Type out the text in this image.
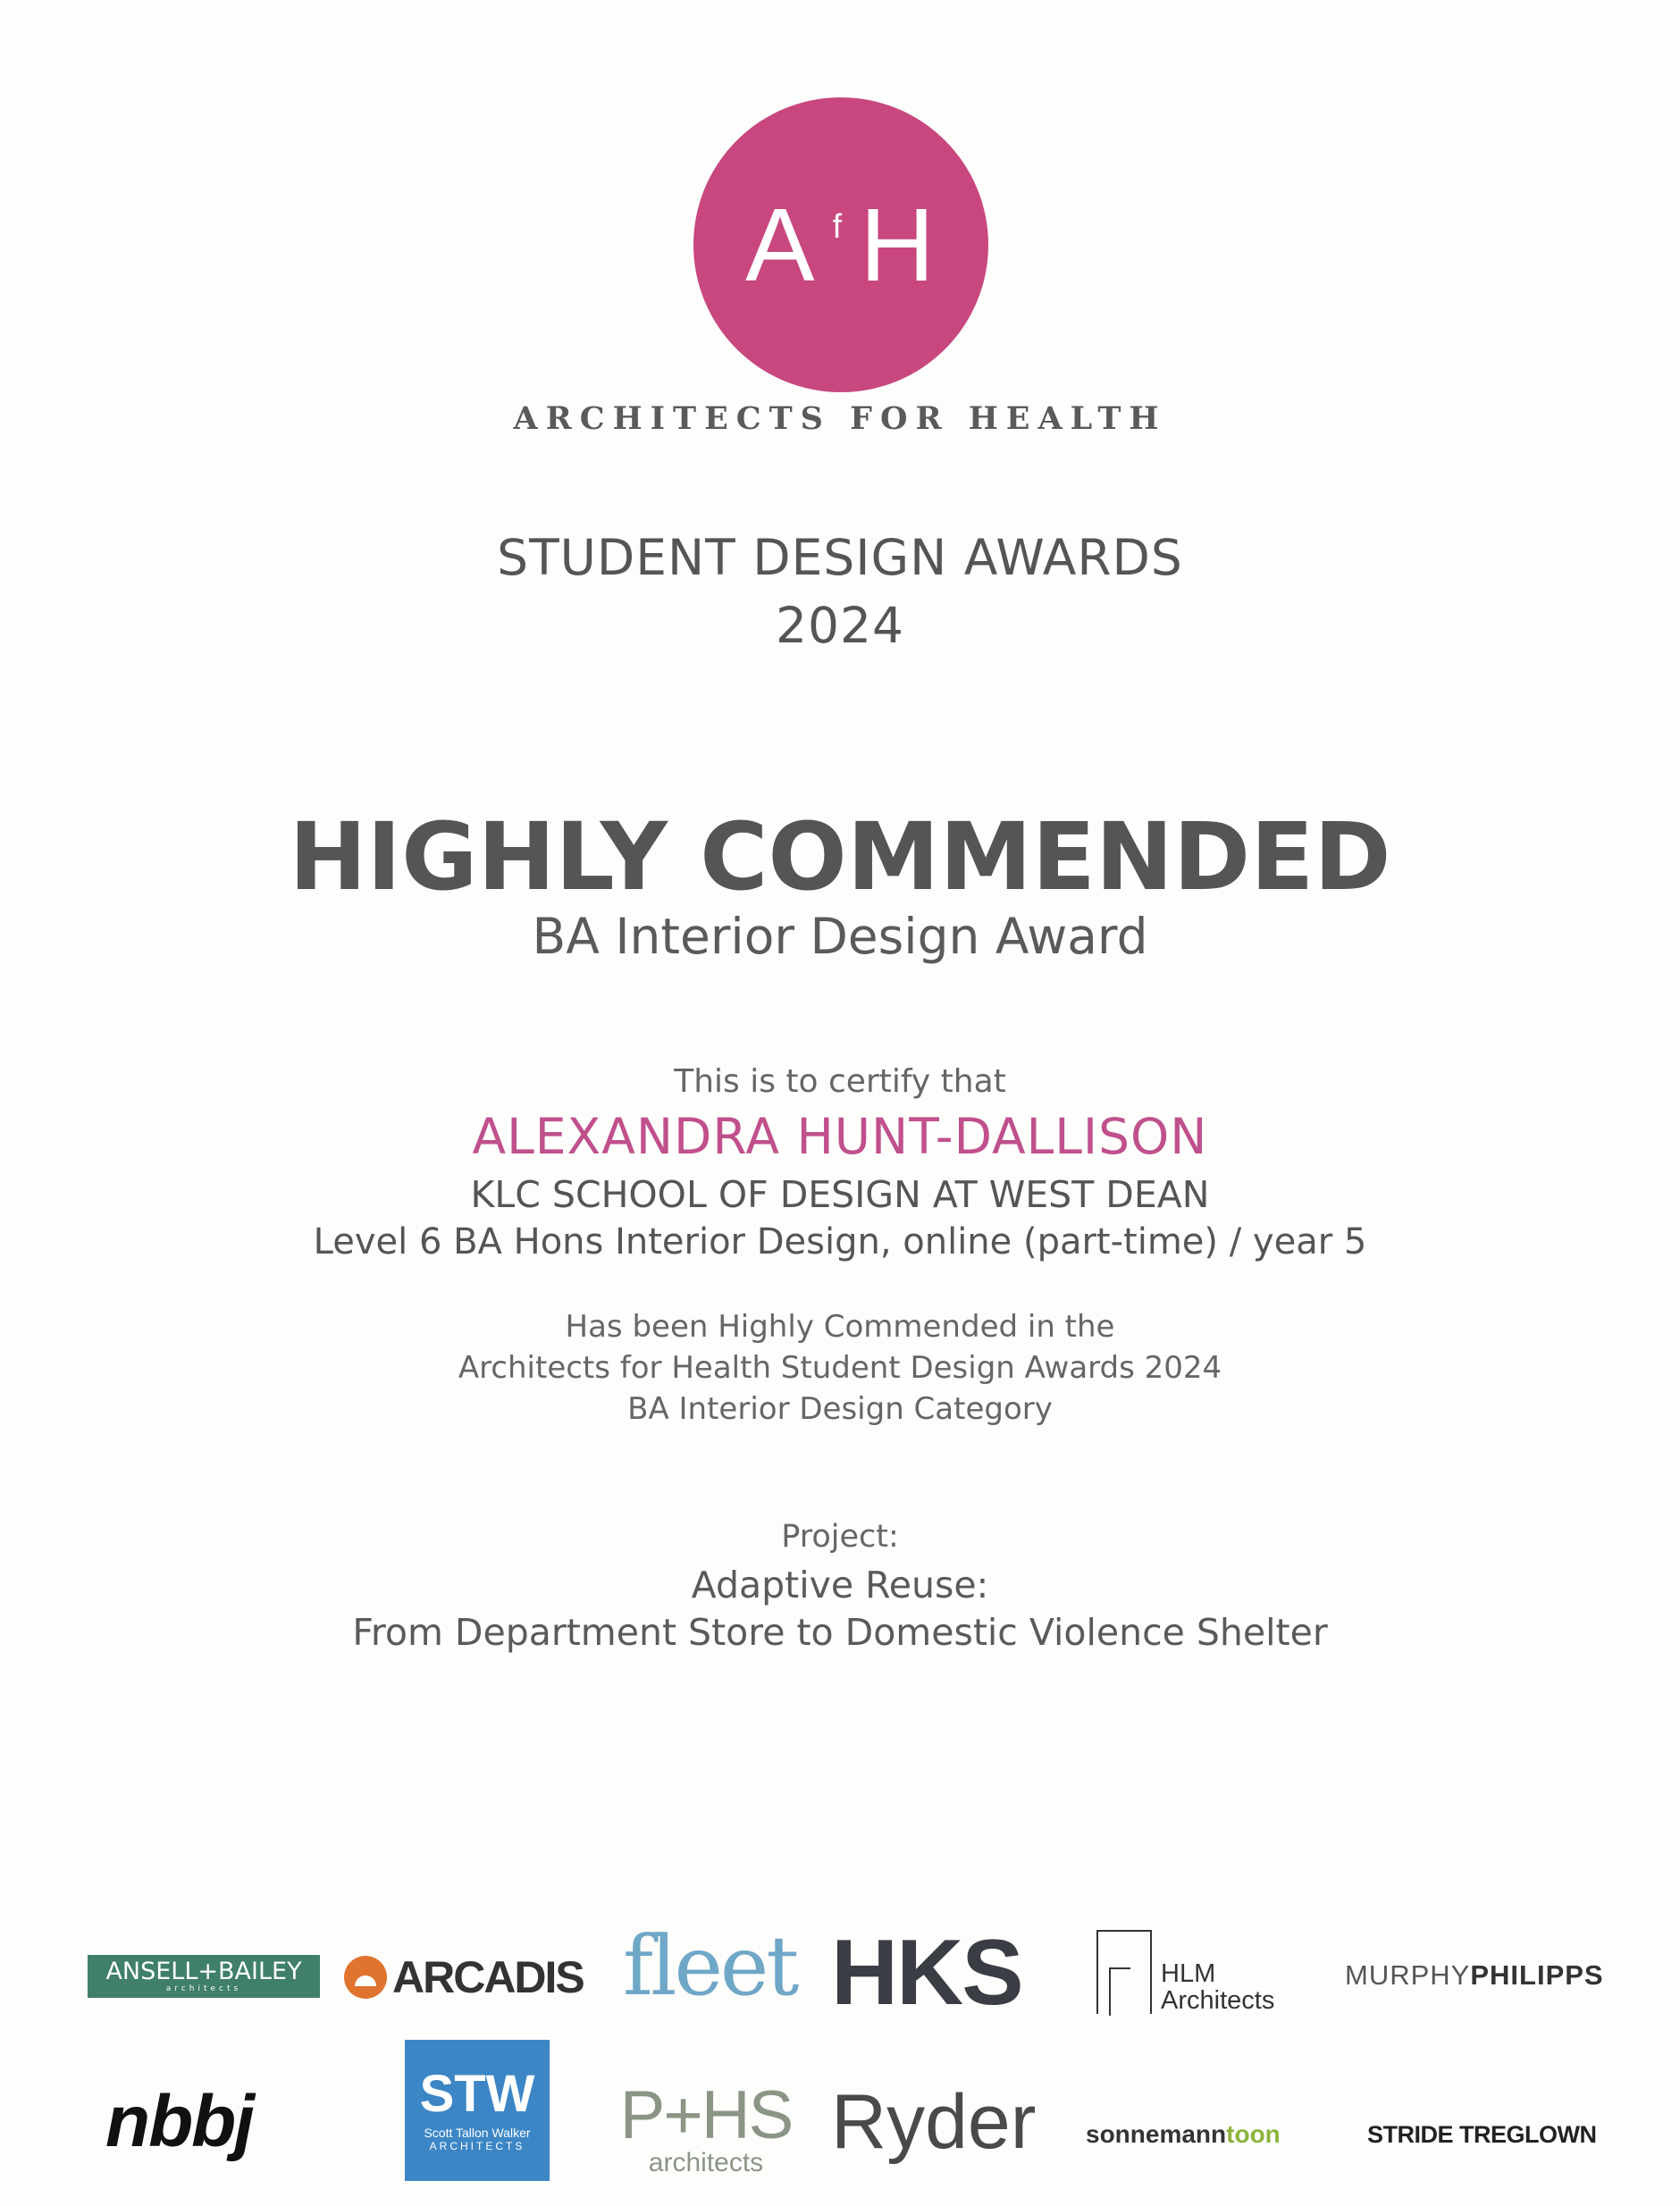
A f H
ARCHITECTS FOR HEALTH
STUDENT DESIGN AWARDS
2024
HIGHLY COMMENDED
BA Interior Design Award
This is to certify that
ALEXANDRA HUNT-DALLISON
KLC SCHOOL OF DESIGN AT WEST DEAN
Level 6 BA Hons Interior Design, online (part-time) / year 5
Has been Highly Commended in the
Architects for Health Student Design Awards 2024
BA Interior Design Category
Project:
Adaptive Reuse:
From Department Store to Domestic Violence Shelter
ANSELL+BAILEY
architects	ARCADIS fleet HKS	HLM
Architects
MURPHY PHILIPPS
nbbj	STW
Scott Tallon Walker
ARCHITECTS P+HS
architects Ryder sonnemann toon	STRIDE TREGLOWN
